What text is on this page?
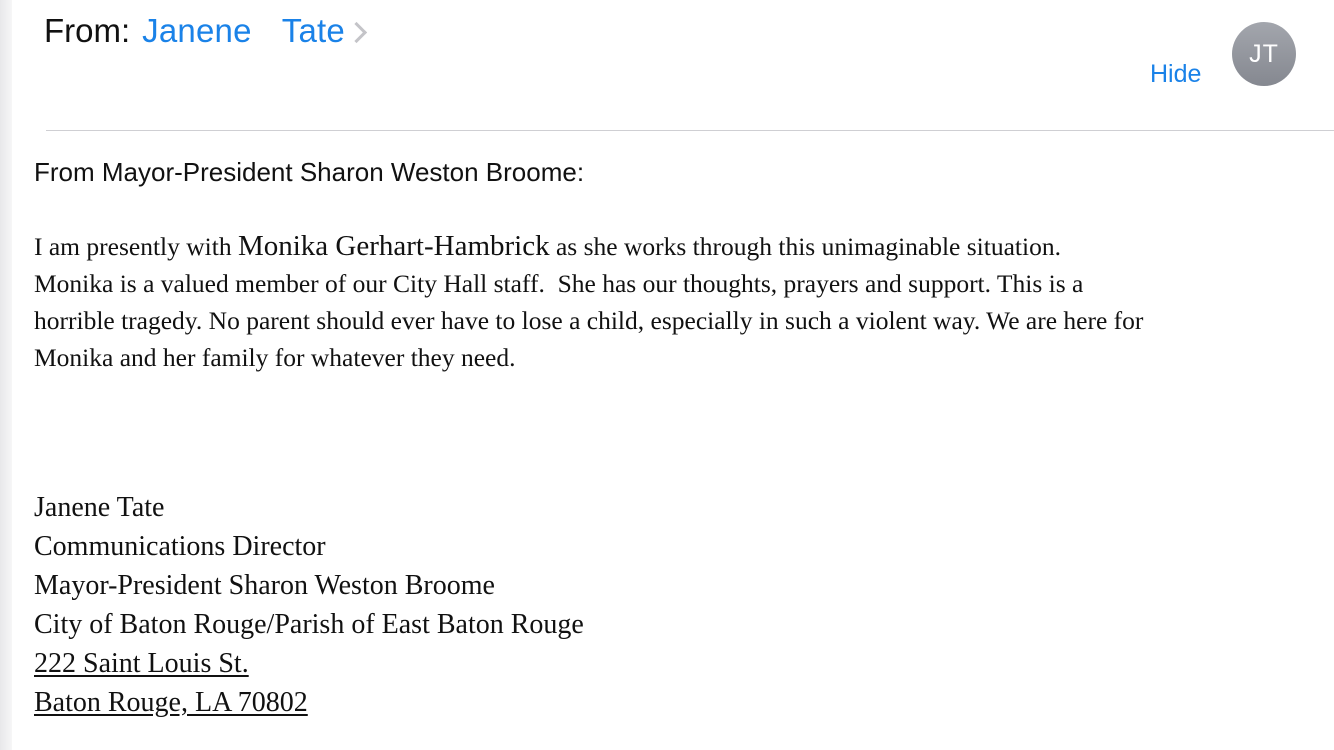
From: Janene  Tate
Hide
JT

From Mayor-President Sharon Weston Broome:

I am presently with Monika Gerhart-Hambrick as she works through this unimaginable situation.
Monika is a valued member of our City Hall staff.  She has our thoughts, prayers and support. This is a
horrible tragedy. No parent should ever have to lose a child, especially in such a violent way. We are here for
Monika and her family for whatever they need.

Janene Tate
Communications Director
Mayor-President Sharon Weston Broome
City of Baton Rouge/Parish of East Baton Rouge
222 Saint Louis St.
Baton Rouge, LA 70802
